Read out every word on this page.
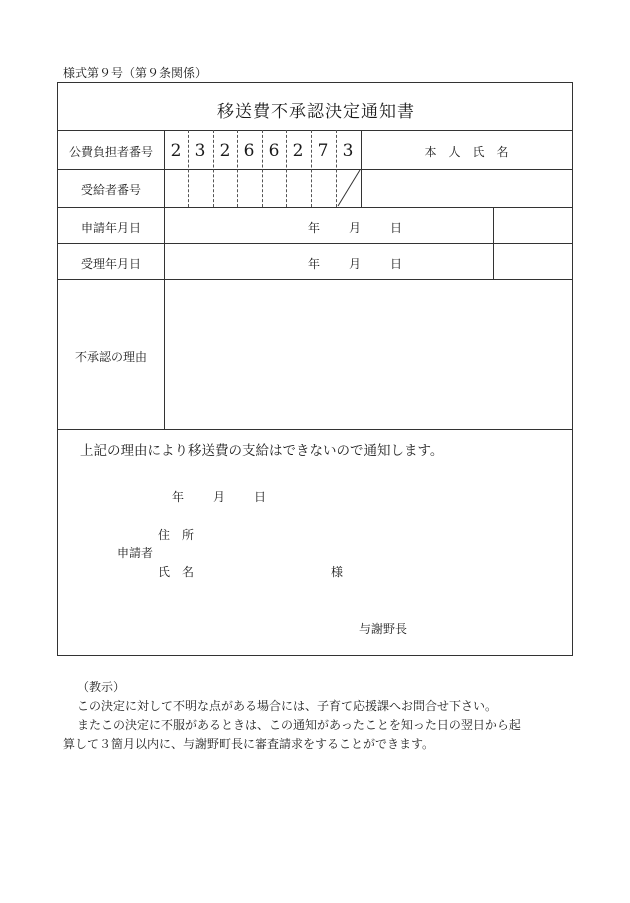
様式第９号（第９条関係）
移送費不承認決定通知書
公費負担者番号
受給者番号
本　人　氏　名
申請年月日
受理年月日
不承認の理由
2 3 2 6 6 2 7 3
年 月 日
年 月 日
上記の理由により移送費の支給はできないので通知します。
年 月 日
住　所
申請者
氏　名	様
与謝野長
（教示）
この決定に対して不明な点がある場合には、子育て応援課へお問合せ下さい。
またこの決定に不服があるときは、この通知があったことを知った日の翌日から起
算して３箇月以内に、与謝野町長に審査請求をすることができます。
